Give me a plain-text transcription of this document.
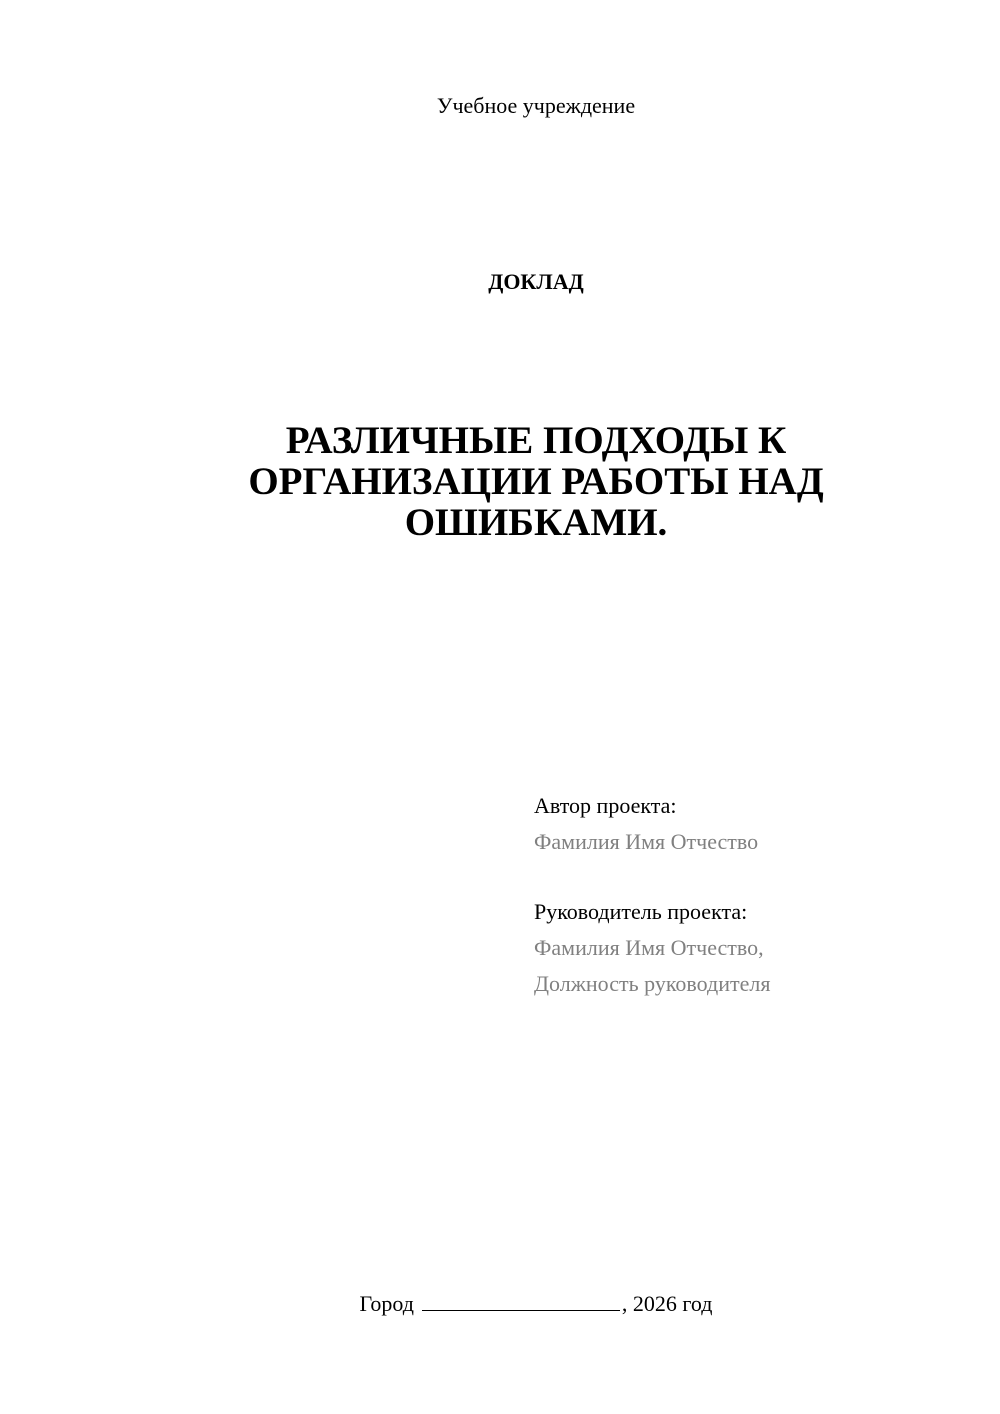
Учебное учреждение
ДОКЛАД
РАЗЛИЧНЫЕ ПОДХОДЫ К
ОРГАНИЗАЦИИ РАБОТЫ НАД
ОШИБКАМИ.
Автор проекта:
Фамилия Имя Отчество
Руководитель проекта:
Фамилия Имя Отчество,
Должность руководителя
Город	, 2026 год
